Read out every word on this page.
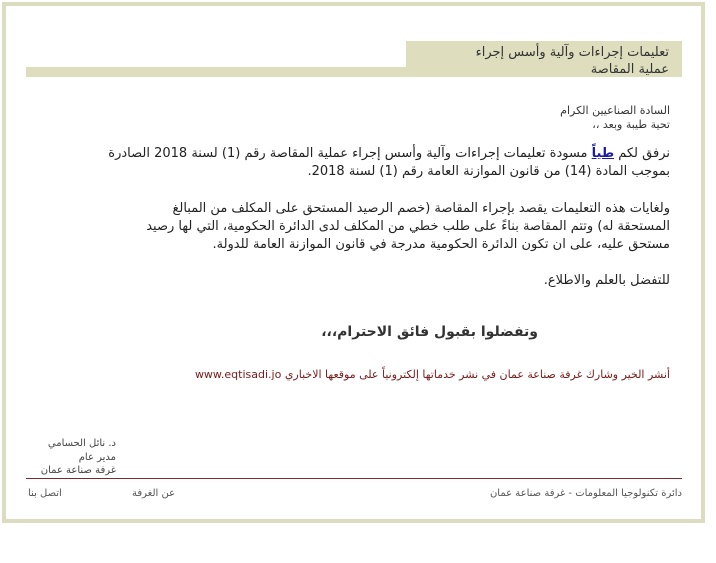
تعليمات إجراءات وآلية وأسس إجراء
عملية المقاصة
السادة الصناعيين الكرام
تحية طيبة وبعد ،،
نرفق لكم طياً مسودة تعليمات إجراءات وآلية وأسس إجراء عملية المقاصة رقم (1) لسنة 2018 الصادرة
بموجب المادة (14) من قانون الموازنة العامة رقم (1) لسنة 2018.
ولغايات هذه التعليمات يقصد بإجراء المقاصة (خصم الرصيد المستحق على المكلف من المبالغ
المستحقة له) وتتم المقاصة بناءً على طلب خطي من المكلف لدى الدائرة الحكومية، التي لها رصيد
مستحق عليه، على ان تكون الدائرة الحكومية مدرجة في قانون الموازنة العامة للدولة.
للتفضل بالعلم والاطلاع.
وتفضلوا بقبول فائق الاحترام،،،
أنشر الخير وشارك غرفة صناعة عمان في نشر خدماتها إلكترونياً على موقعها الاخباري www.eqtisadi.jo
د. نائل الحسامي
مدير عام
غرفة صناعة عمان
دائرة تكنولوجيا المعلومات - غرفة صناعة عمان
عن الغرفة
اتصل بنا
